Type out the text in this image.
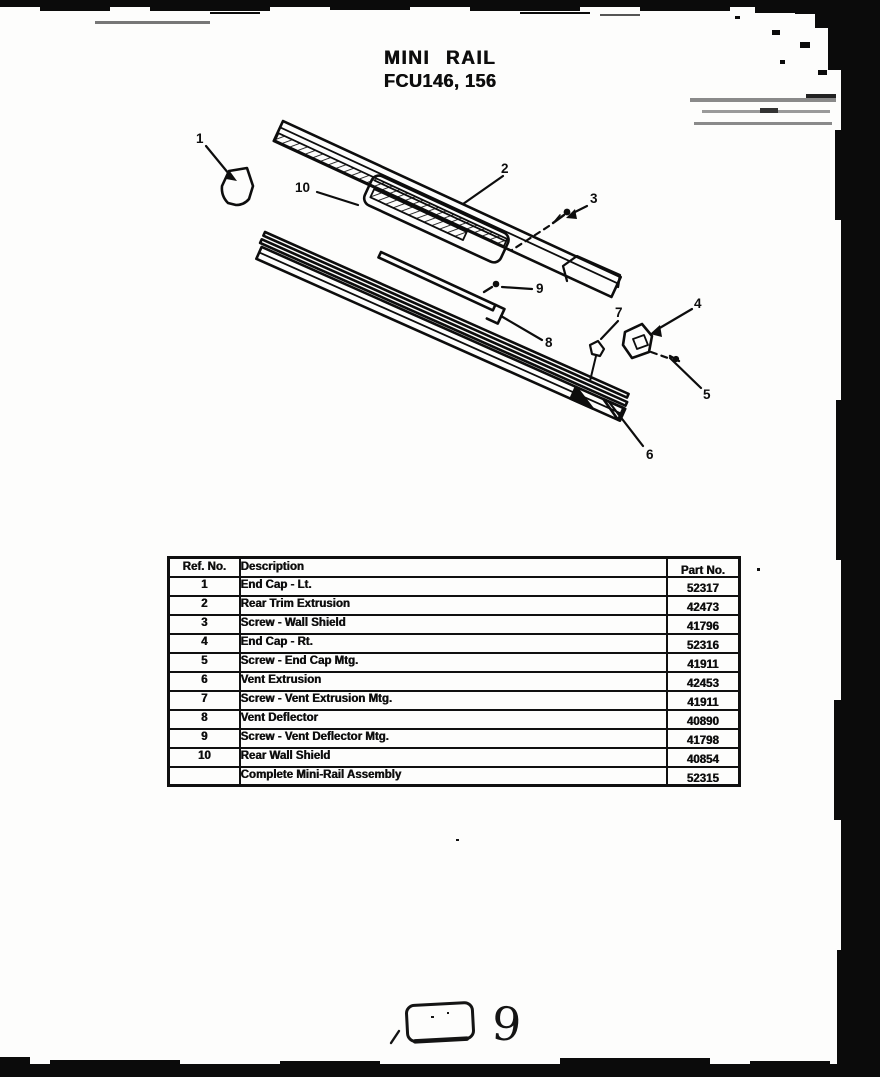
MINI RAIL
FCU146, 156
1
2
3
4
5
6
7
8
9
10
Ref. No.	Description	Part No.
1	End Cap - Lt.	52317
2	Rear Trim Extrusion	42473
3	Screw - Wall Shield	41796
4	End Cap - Rt.	52316
5	Screw - End Cap Mtg.	41911
6	Vent Extrusion	42453
7	Screw - Vent Extrusion Mtg.	41911
8	Vent Deflector	40890
9	Screw - Vent Deflector Mtg.	41798
10	Rear Wall Shield	40854
	Complete Mini-Rail Assembly	52315
9
